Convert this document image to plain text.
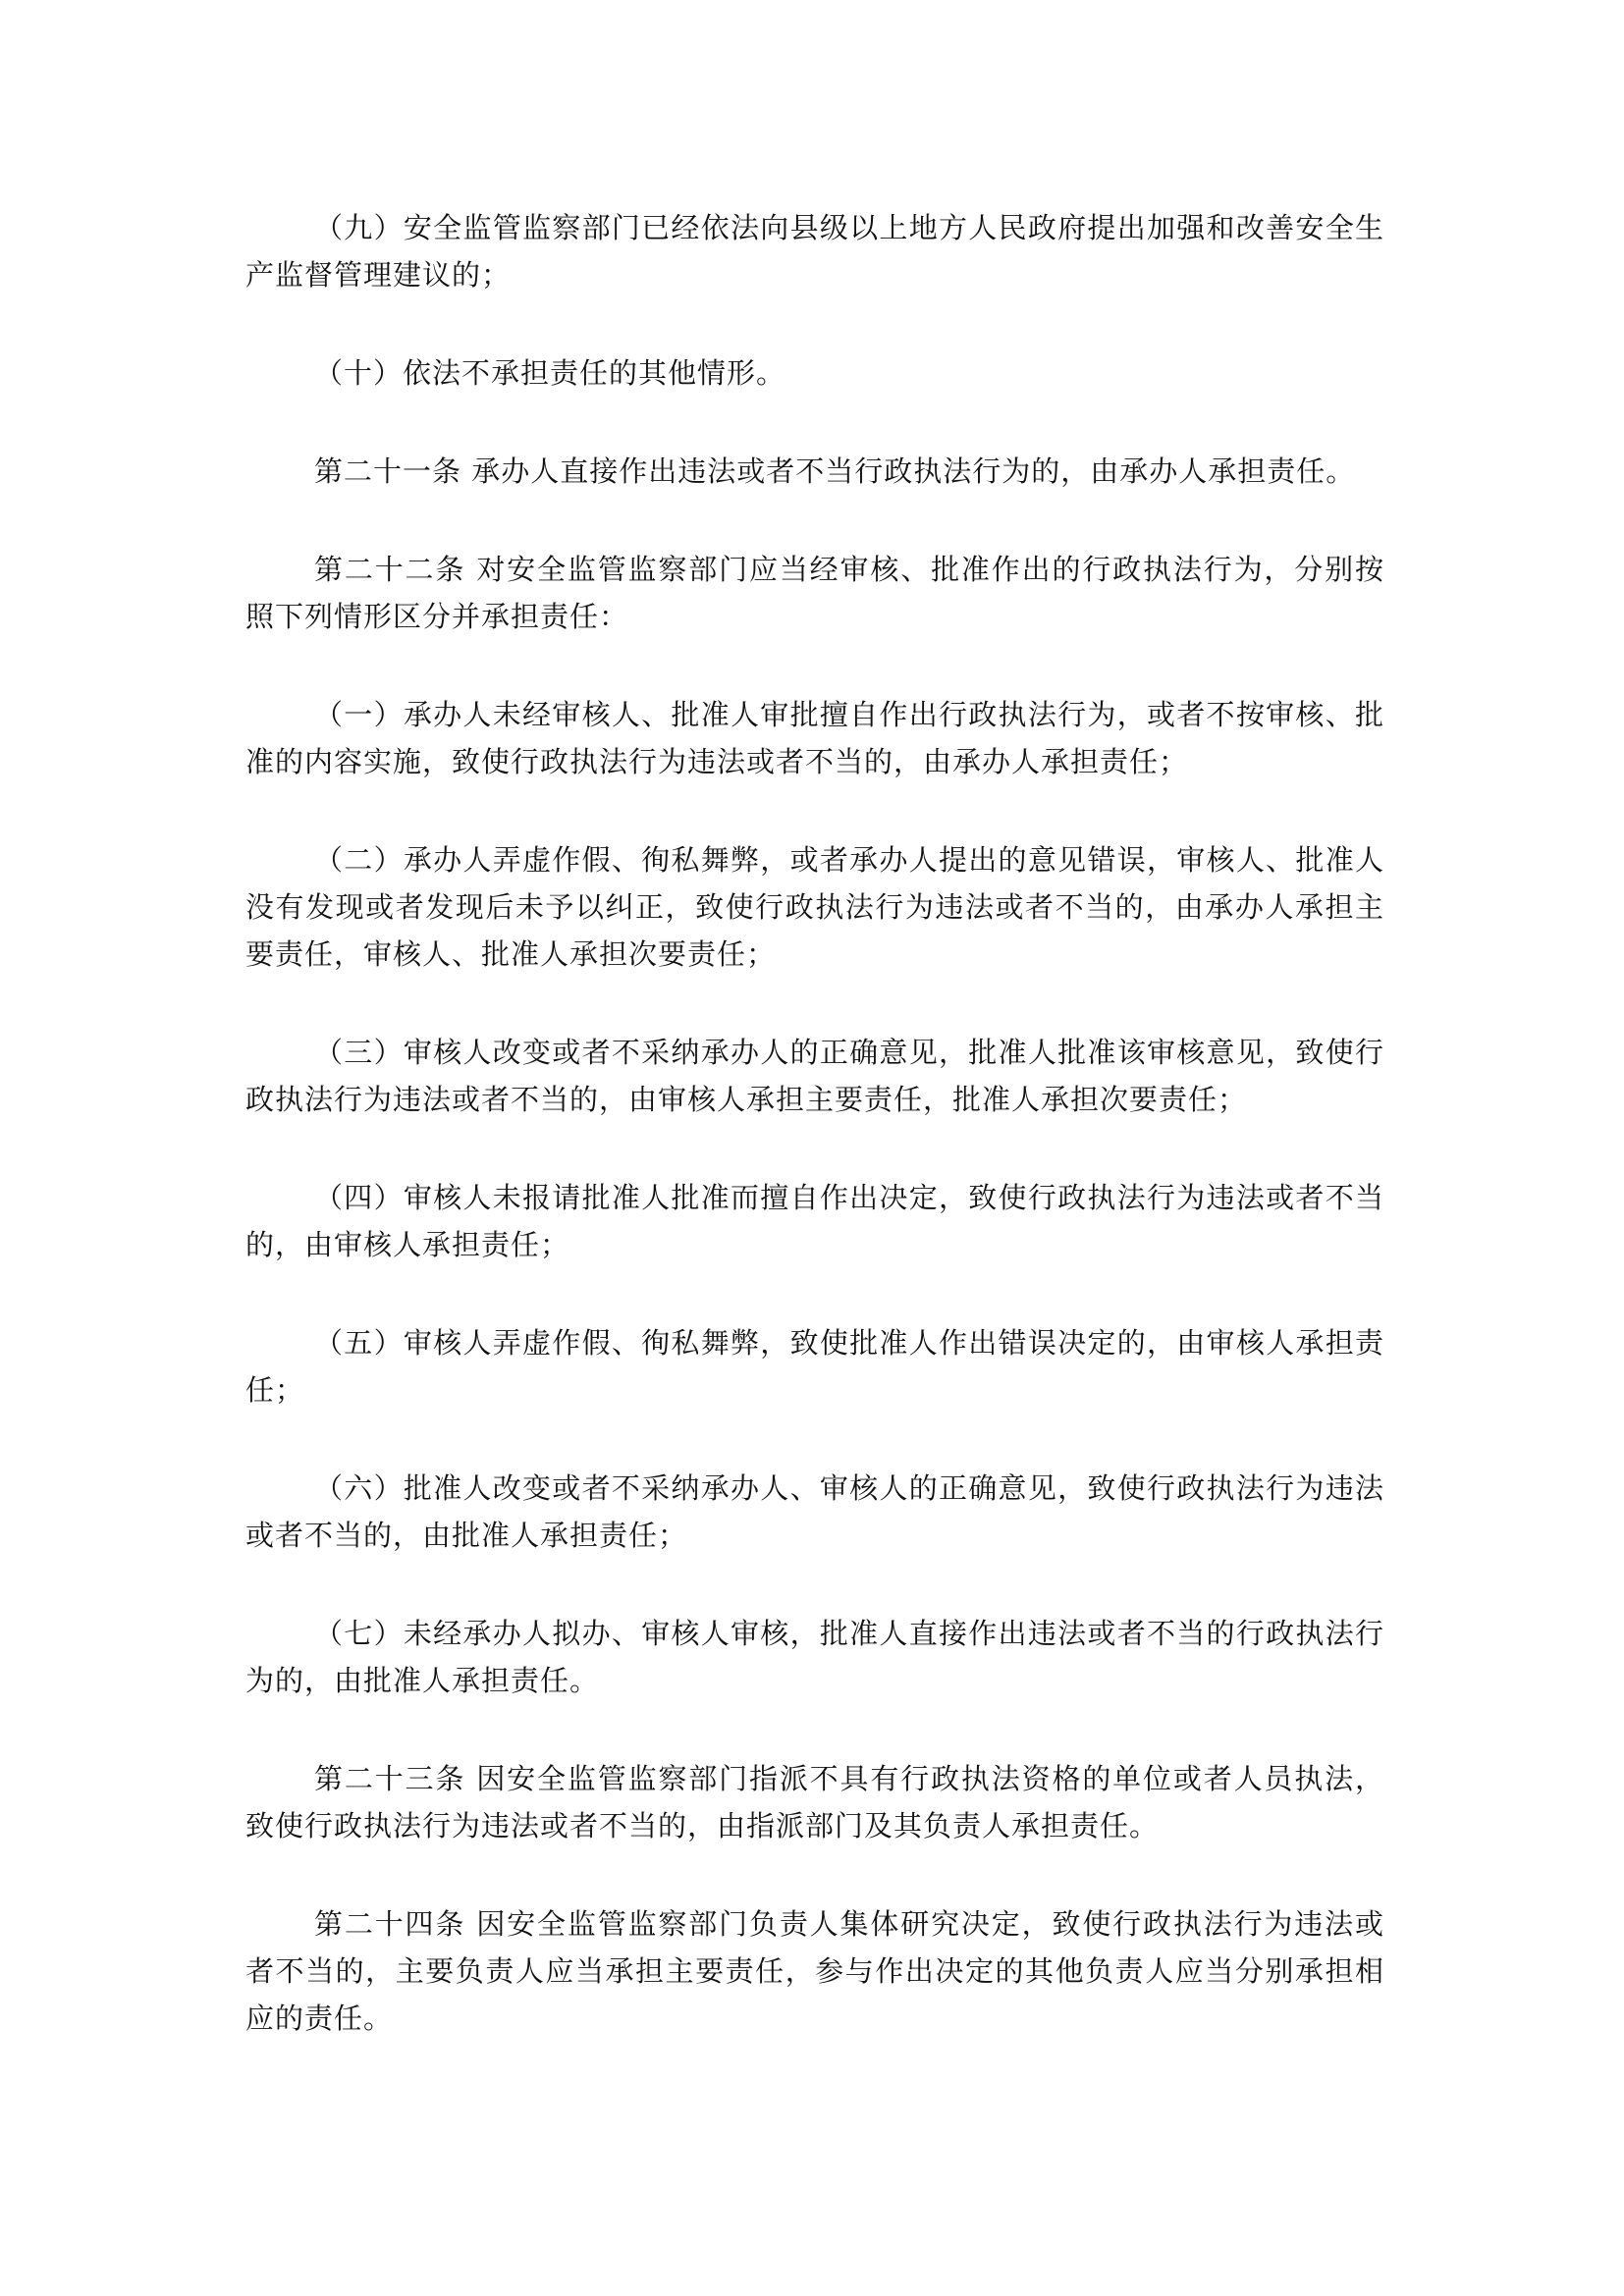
（九）安全监管监察部门已经依法向县级以上地方人民政府提出加强和改善安全生产监督管理建议的；

（十）依法不承担责任的其他情形。

第二十一条 承办人直接作出违法或者不当行政执法行为的，由承办人承担责任。

第二十二条 对安全监管监察部门应当经审核、批准作出的行政执法行为，分别按照下列情形区分并承担责任：

（一）承办人未经审核人、批准人审批擅自作出行政执法行为，或者不按审核、批准的内容实施，致使行政执法行为违法或者不当的，由承办人承担责任；

（二）承办人弄虚作假、徇私舞弊，或者承办人提出的意见错误，审核人、批准人没有发现或者发现后未予以纠正，致使行政执法行为违法或者不当的，由承办人承担主要责任，审核人、批准人承担次要责任；

（三）审核人改变或者不采纳承办人的正确意见，批准人批准该审核意见，致使行政执法行为违法或者不当的，由审核人承担主要责任，批准人承担次要责任；

（四）审核人未报请批准人批准而擅自作出决定，致使行政执法行为违法或者不当的，由审核人承担责任；

（五）审核人弄虚作假、徇私舞弊，致使批准人作出错误决定的，由审核人承担责任；

（六）批准人改变或者不采纳承办人、审核人的正确意见，致使行政执法行为违法或者不当的，由批准人承担责任；

（七）未经承办人拟办、审核人审核，批准人直接作出违法或者不当的行政执法行为的，由批准人承担责任。

第二十三条 因安全监管监察部门指派不具有行政执法资格的单位或者人员执法，致使行政执法行为违法或者不当的，由指派部门及其负责人承担责任。

第二十四条 因安全监管监察部门负责人集体研究决定，致使行政执法行为违法或者不当的，主要负责人应当承担主要责任，参与作出决定的其他负责人应当分别承担相应的责任。
